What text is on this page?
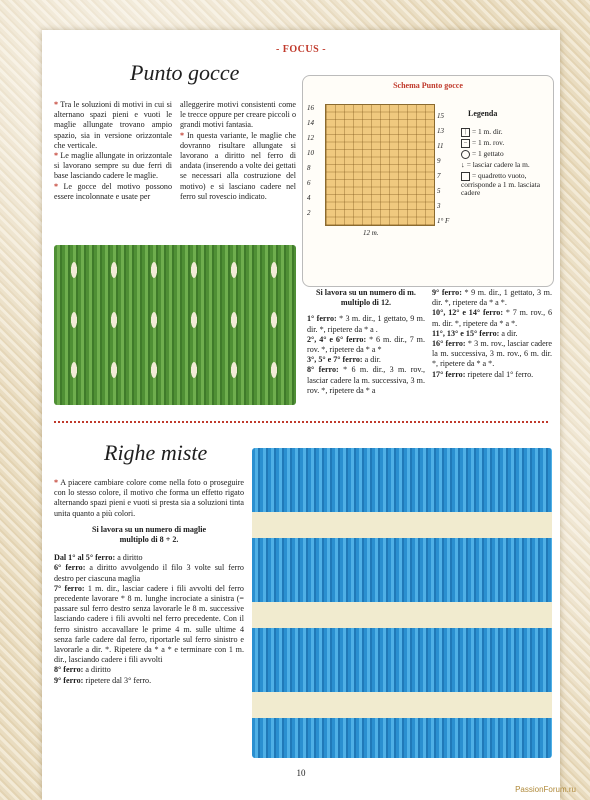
- FOCUS -
Punto gocce

* Tra le soluzioni di motivi in cui si alternano spazi pieni e vuoti le maglie allungate trovano ampio spazio, sia in versione orizzontale che verticale.

* Le maglie allungate in orizzontale si lavorano sempre su due ferri di base lasciando cadere le maglie.

* Le gocce del motivo possono essere incolonnate e usate per

alleggerire motivi consistenti come le trecce oppure per creare piccoli o grandi motivi fantasia.

* In questa variante, le maglie che dovranno risultare allungate si lavorano a diritto nel ferro di andata (inserendo a volte dei gettati se necessari alla costruzione del motivo) e si lasciano cadere nel ferro sul rovescio indicato.

Schema Punto gocce
16
14
12
10
8
6
4
2
15
13
11
9
7
5
3
1° F
12 m.
Legenda
| = 1 m. dir.
– = 1 m. rov.
= 1 gettato
↓ = lasciar cadere la m.
= quadretto vuoto, corrisponde a 1 m. lasciata cadere

Si lavora su un numero di m. multiplo di 12.

1° ferro: * 3 m. dir., 1 gettato, 9 m. dir. *, ripetere da * a .

2°, 4° e 6° ferro: * 6 m. dir., 7 m. rov. *, ripetere da * a *

3°, 5° e 7° ferro: a dir.

8° ferro: * 6 m. dir., 3 m. rov., lasciar cadere la m. successiva, 3 m. rov. *, ripetere da * a

9° ferro: * 9 m. dir., 1 gettato, 3 m. dir. *, ripetere da * a *.

10°, 12° e 14° ferro: * 7 m. rov., 6 m. dir. *, ripetere da * a *.

11°, 13° e 15° ferro: a dir.

16° ferro: * 3 m. rov., lasciar cadere la m. successiva, 3 m. rov., 6 m. dir. *, ripetere da * a *.

17° ferro: ripetere dal 1° ferro.

Righe miste

* A piacere cambiare colore come nella foto o proseguire con lo stesso colore, il motivo che forma un effetto rigato alternando spazi pieni e vuoti si presta sia a soluzioni tinta unita quanto a più colori.

Si lavora su un numero di maglie multiplo di 8 + 2.

Dal 1° al 5° ferro: a diritto

6° ferro: a diritto avvolgendo il filo 3 volte sul ferro destro per ciascuna maglia

7° ferro: 1 m. dir., lasciar cadere i fili avvolti del ferro precedente lavorare * 8 m. lunghe incrociate a sinistra (= passare sul ferro destro senza lavorarle le 8 m. successive lasciando cadere i fili avvolti nel ferro precedente. Con il ferro sinistro accavallare le prime 4 m. sulle ultime 4 senza farle cadere dal ferro, riportarle sul ferro sinistro e lavorarle a dir. *. Ripetere da * a * e terminare con 1 m. dir., lasciando cadere i fili avvolti

8° ferro: a diritto

9° ferro: ripetere dal 3° ferro.

10
PassionForum.ru
